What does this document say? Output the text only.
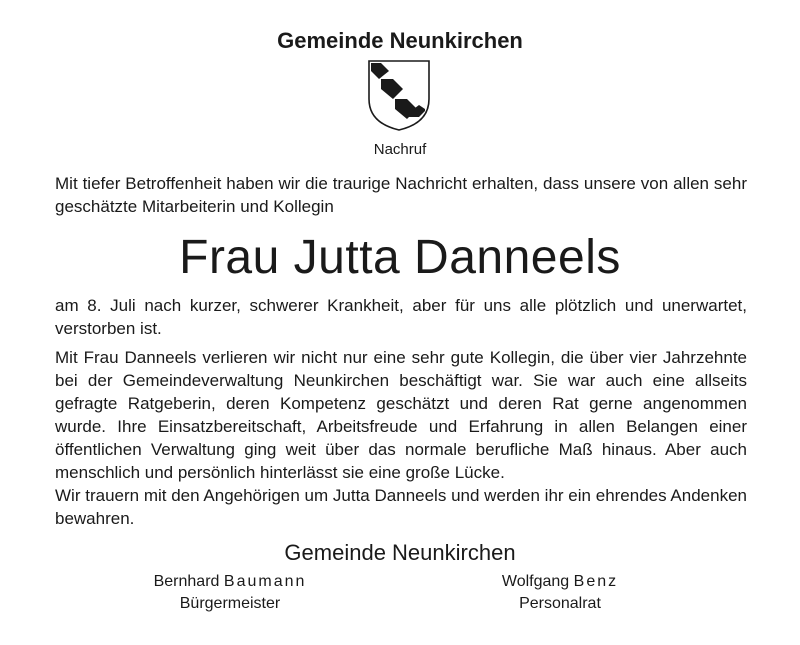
Gemeinde Neunkirchen
Nachruf

Mit tiefer Betroffenheit haben wir die traurige Nachricht erhalten, dass unsere von allen sehr geschätzte Mitarbeiterin und Kollegin

Frau Jutta Danneels

am 8. Juli nach kurzer, schwerer Krankheit, aber für uns alle plötzlich und unerwartet, verstorben ist.

Mit Frau Danneels verlieren wir nicht nur eine sehr gute Kollegin, die über vier Jahrzehnte bei der Gemeindeverwaltung Neunkirchen beschäftigt war. Sie war auch eine allseits gefragte Ratgeberin, deren Kompetenz geschätzt und deren Rat gerne angenommen wurde. Ihre Einsatzbereitschaft, Arbeitsfreude und Erfahrung in allen Belangen einer öffentlichen Verwaltung ging weit über das normale berufliche Maß hinaus. Aber auch menschlich und persönlich hinterlässt sie eine große Lücke.

Wir trauern mit den Angehörigen um Jutta Danneels und werden ihr ein ehrendes Andenken bewahren.

Gemeinde Neunkirchen
Bernhard Baumann
Bürgermeister
Wolfgang Benz
Personalrat
